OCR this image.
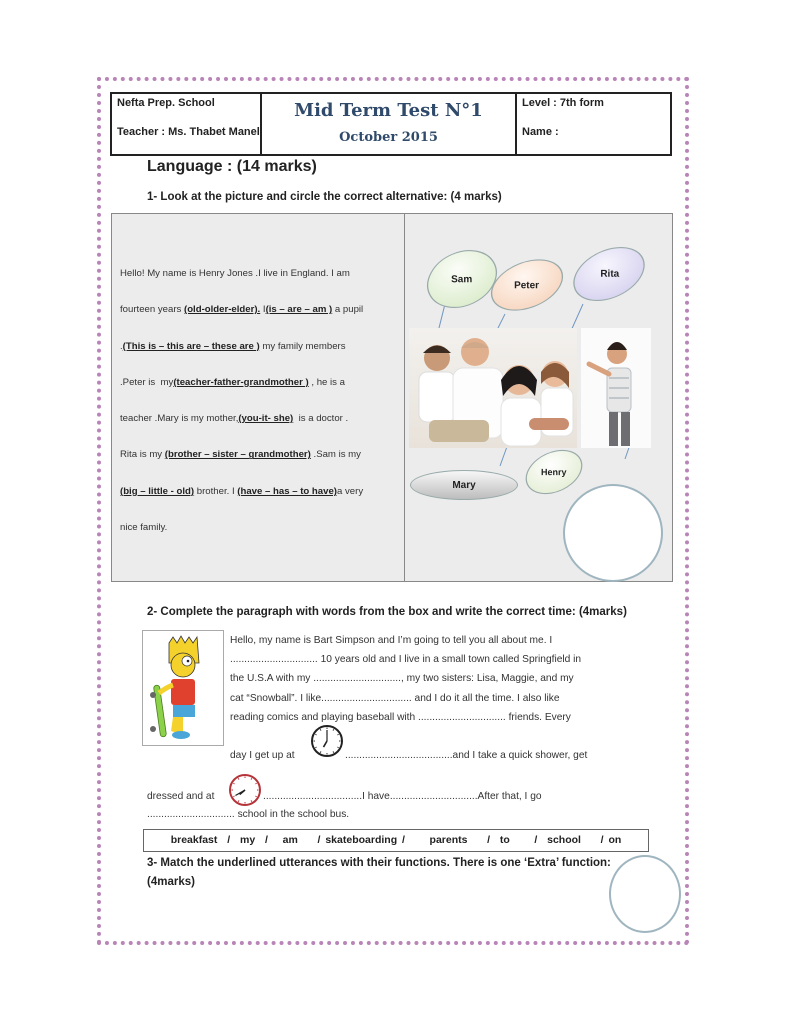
Nefta Prep. School
Teacher : Ms. Thabet Manel
Mid Term Test N°1
October 2015
Level : 7th form
Name :
Language : (14 marks)
1- Look at the picture and circle the correct alternative: (4 marks)
Hello! My name is Henry Jones .I live in England. I am
fourteen years (old-older-elder). I(is – are – am ) a pupil
.(This is – this are – these are ) my family members
.Peter is  my(teacher-father-grandmother ) , he is a
teacher .Mary is my mother,(you-it- she)  is a doctor .
Rita is my (brother – sister – grandmother) .Sam is my
(big – little - old) brother. I (have – has – to have)a very
nice family.
Sam
Peter
Rita
Mary
Henry
2- Complete the paragraph with words from the box and write the correct time: (4marks)
Hello, my name is Bart Simpson and I’m going to tell you all about me. I
............................... 10 years old and I live in a small town called Springfield in
the U.S.A with my ..............................., my two sisters: Lisa, Maggie, and my
cat “Snowball”. I like................................ and I do it all the time. I also like
reading comics and playing baseball with ............................... friends. Every
day I get up at	......................................and I take a quick shower, get
dressed and at	...................................I have...............................After that, I go
............................... school in the school bus.
breakfast  /  my  /   am    / skateboarding /     parents    /  to     /  school    / on
3- Match the underlined utterances with their functions. There is one ‘Extra’ function:
(4marks)
